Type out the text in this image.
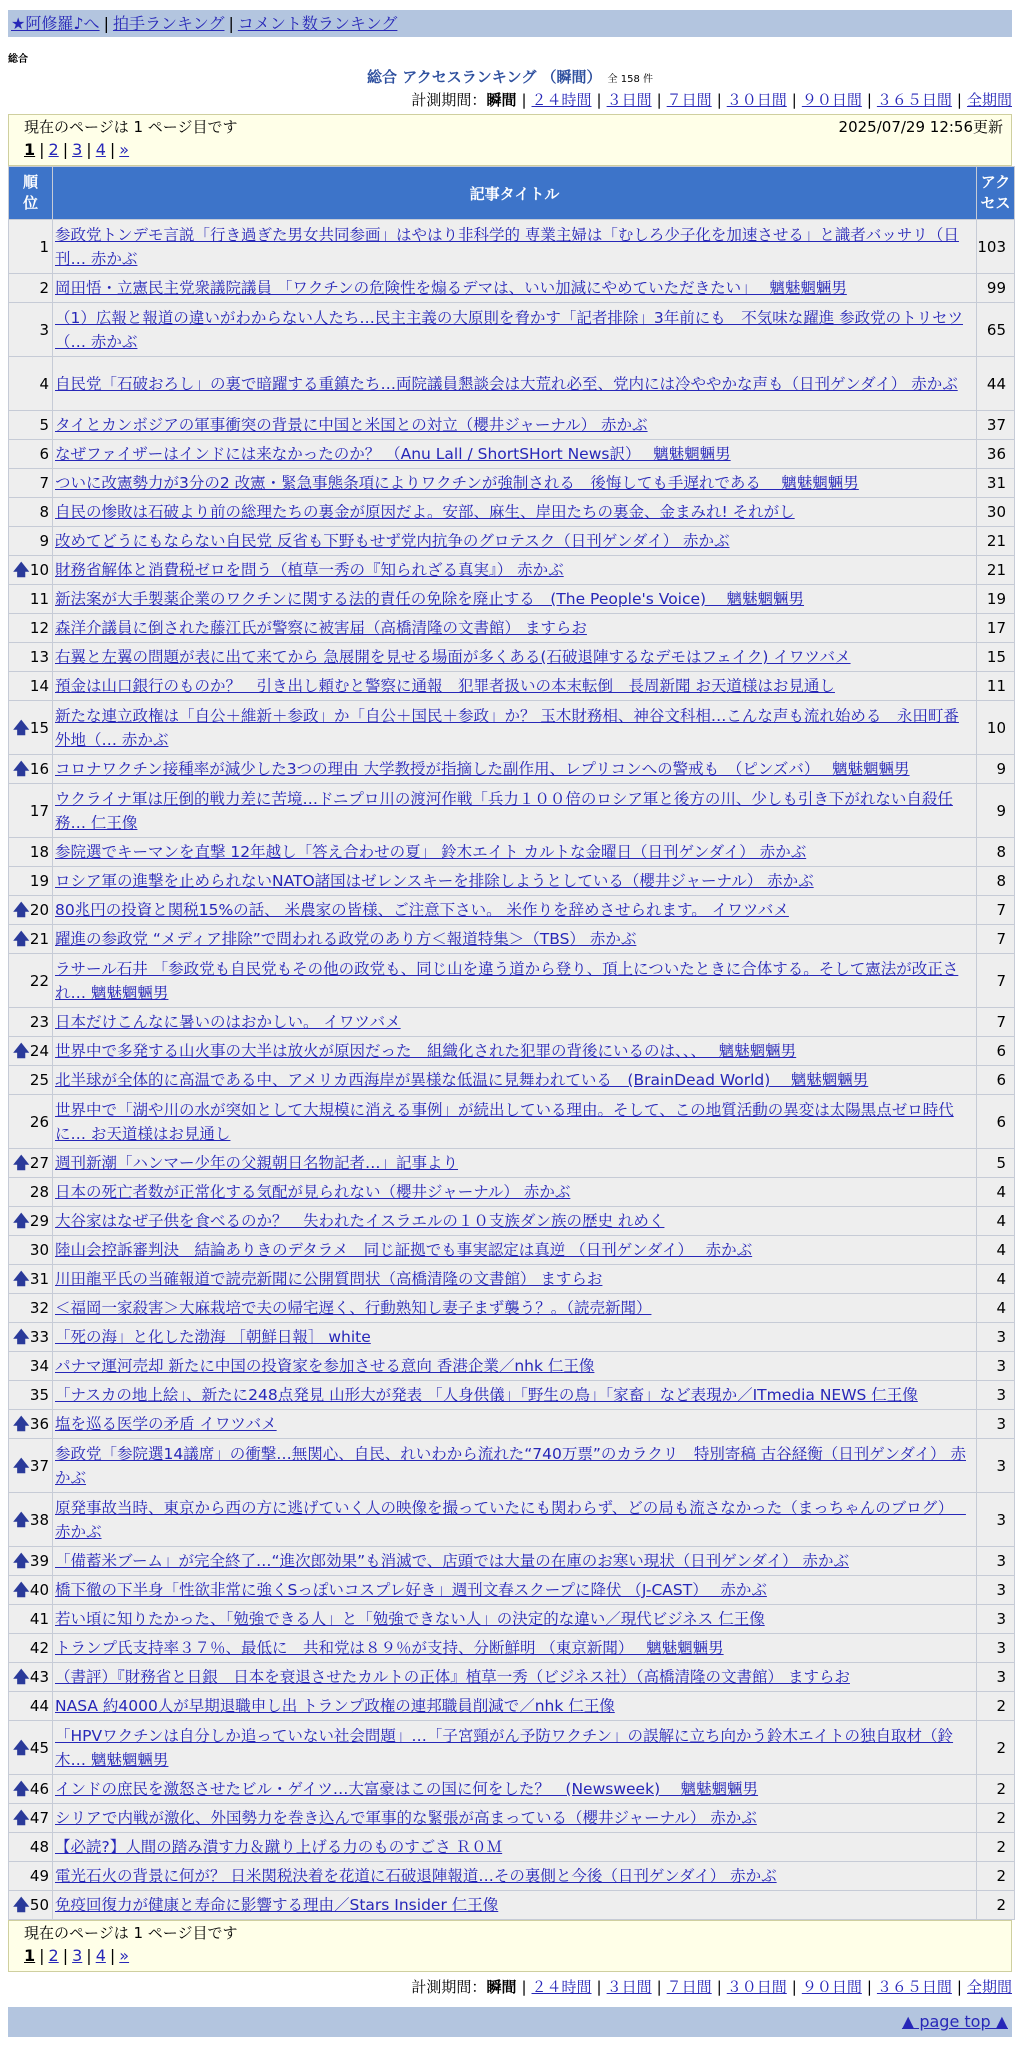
★阿修羅♪へ | 拍手ランキング | コメント数ランキング
総合
総合 アクセスランキング （瞬間） 全 158 件
計測期間：瞬間 | ２４時間 | ３日間 | ７日間 | ３０日間 | ９０日間 | ３６５日間 | 全期間
現在のページは 1 ページ目です	2025/07/29 12:56更新
1 | 2 | 3 | 4 | »
順
位	記事タイトル	アク
セス
1	参政党トンデモ言説「行き過ぎた男女共同参画」はやはり非科学的 専業主婦は「むしろ少子化を加速させる」と識者バッサリ（日刊… 赤かぶ	103
2	岡田悟・立憲民主党衆議院議員 「ワクチンの危険性を煽るデマは、いい加減にやめていただきたい」　 魑魅魍魎男	99
3	（1）広報と報道の違いがわからない人たち…民主主義の大原則を脅かす「記者排除」3年前にも　不気味な躍進 参政党のトリセツ（… 赤かぶ	65
4	自民党「石破おろし」の裏で暗躍する重鎮たち…両院議員懇談会は大荒れ必至、党内には冷ややかな声も（日刊ゲンダイ） 赤かぶ	44
5	タイとカンボジアの軍事衝突の背景に中国と米国との対立（櫻井ジャーナル） 赤かぶ	37
6	なぜファイザーはインドには来なかったのか？ （Anu Lall / ShortSHort News訳）　 魑魅魍魎男	36
7	ついに改憲勢力が3分の2 改憲・緊急事態条項によりワクチンが強制される　後悔しても手遅れである　 魑魅魍魎男	31
8	自民の惨敗は石破より前の総理たちの裏金が原因だよ。安部、麻生、岸田たちの裏金、金まみれ! それがし	30
9	改めてどうにもならない自民党 反省も下野もせず党内抗争のグロテスク（日刊ゲンダイ） 赤かぶ	21

🡅 10	財務省解体と消費税ゼロを問う（植草一秀の『知られざる真実』） 赤かぶ	21
11	新法案が大手製薬企業のワクチンに関する法的責任の免除を廃止する　(The People's Voice)　 魑魅魍魎男	19
12	森洋介議員に倒された藤江氏が警察に被害届（高橋清隆の文書館） ますらお	17
13	右翼と左翼の問題が表に出て来てから 急展開を見せる場面が多くある(石破退陣するなデモはフェイク) イワツバメ	15
14	預金は山口銀行のものか？　引き出し頼むと警察に通報　犯罪者扱いの本末転倒　長周新聞 お天道様はお見通し	11

🡅 15	新たな連立政権は「自公＋維新＋参政」か「自公＋国民＋参政」か？ 玉木財務相、神谷文科相…こんな声も流れ始める　永田町番外地（… 赤かぶ	10

🡅 16	コロナワクチン接種率が減少した3つの理由 大学教授が指摘した副作用、レプリコンへの警戒も　（ピンズバ）　 魑魅魍魎男	9
17	ウクライナ軍は圧倒的戦力差に苦境…ドニプロ川の渡河作戦「兵力１００倍のロシア軍と後方の川、少しも引き下がれない自殺任務… 仁王像	9
18	参院選でキーマンを直撃 12年越し「答え合わせの夏」 鈴木エイト カルトな金曜日（日刊ゲンダイ） 赤かぶ	8
19	ロシア軍の進撃を止められないNATO諸国はゼレンスキーを排除しようとしている（櫻井ジャーナル） 赤かぶ	8

🡅 20	80兆円の投資と関税15%の話、 米農家の皆様、ご注意下さい。 米作りを辞めさせられます。 イワツバメ	7

🡅 21	躍進の参政党 “メディア排除”で問われる政党のあり方＜報道特集＞（TBS） 赤かぶ	7
22	ラサール石井 「参政党も自民党もその他の政党も、同じ山を違う道から登り、頂上についたときに合体する。そして憲法が改正され… 魑魅魍魎男	7
23	日本だけこんなに暑いのはおかしい。 イワツバメ	7

🡅 24	世界中で多発する山火事の大半は放火が原因だった　組織化された犯罪の背後にいるのは、、、　 魑魅魍魎男	6
25	北半球が全体的に高温である中、アメリカ西海岸が異様な低温に見舞われている　(BrainDead World)　 魑魅魍魎男	6
26	世界中で「湖や川の水が突如として大規模に消える事例」が続出している理由。そして、この地質活動の異変は太陽黒点ゼロ時代に… お天道様はお見通し	6

🡅 27	週刊新潮「ハンマー少年の父親朝日名物記者…」記事より	5
28	日本の死亡者数が正常化する気配が見られない（櫻井ジャーナル） 赤かぶ	4

🡅 29	大谷家はなぜ子供を食べるのか？　失われたイスラエルの１０支族ダン族の歴史 れめく	4
30	陸山会控訴審判決　結論ありきのデタラメ　同じ証拠でも事実認定は真逆 （日刊ゲンダイ）　 赤かぶ	4

🡅 31	川田龍平氏の当確報道で読売新聞に公開質問状（高橋清隆の文書館） ますらお	4
32	＜福岡一家殺害＞大麻栽培で夫の帰宅遅く、行動熟知し妻子まず襲う？。（読売新聞）	4

🡅 33	「死の海」と化した渤海 ［朝鮮日報］ white	3
34	パナマ運河売却 新たに中国の投資家を参加させる意向 香港企業／nhk 仁王像	3
35	「ナスカの地上絵」、新たに248点発見 山形大が発表 「人身供儀」「野生の鳥」「家畜」など表現か／ITmedia NEWS 仁王像	3

🡅 36	塩を巡る医学の矛盾 イワツバメ	3

🡅 37	参政党「参院選14議席」の衝撃…無関心、自民、れいわから流れた“740万票”のカラクリ　特別寄稿 古谷経衡（日刊ゲンダイ） 赤かぶ	3

🡅 38	原発事故当時、東京から西の方に逃げていく人の映像を撮っていたにも関わらず、どの局も流さなかった（まっちゃんのブログ）　 赤かぶ	3

🡅 39	「備蓄米ブーム」が完全終了…“進次郎効果”も消滅で、店頭では大量の在庫のお寒い現状（日刊ゲンダイ） 赤かぶ	3

🡅 40	橋下徹の下半身「性欲非常に強くSっぽいコスプレ好き」週刊文春スクープに降伏 （J-CAST）　 赤かぶ	3
41	若い頃に知りたかった、「勉強できる人」と「勉強できない人」の決定的な違い／現代ビジネス 仁王像	3
42	トランプ氏支持率３７％、最低に　共和党は８９％が支持、分断鮮明 （東京新聞）　 魑魅魍魎男	3

🡅 43	（書評）『財務省と日銀　日本を衰退させたカルトの正体』植草一秀（ビジネス社）（高橋清隆の文書館） ますらお	3
44	NASA 約4000人が早期退職申し出 トランプ政権の連邦職員削減で／nhk 仁王像	2

🡅 45	「HPVワクチンは自分しか追っていない社会問題」…「子宮頸がん予防ワクチン」の誤解に立ち向かう鈴木エイトの独自取材（鈴木… 魑魅魍魎男	2

🡅 46	インドの庶民を激怒させたビル・ゲイツ…大富豪はこの国に何をした？　(Newsweek)　 魑魅魍魎男	2

🡅 47	シリアで内戦が激化、外国勢力を巻き込んで軍事的な緊張が高まっている（櫻井ジャーナル） 赤かぶ	2
48	【必読?】人間の踏み潰す力＆蹴り上げる力のものすごさ Ｒ０Ｍ	2
49	電光石火の背景に何が？ 日米関税決着を花道に石破退陣報道…その裏側と今後（日刊ゲンダイ） 赤かぶ	2

🡅 50	免疫回復力が健康と寿命に影響する理由／Stars Insider 仁王像	2
現在のページは 1 ページ目です
1 | 2 | 3 | 4 | »
計測期間：瞬間 | ２４時間 | ３日間 | ７日間 | ３０日間 | ９０日間 | ３６５日間 | 全期間
▲ page top ▲
